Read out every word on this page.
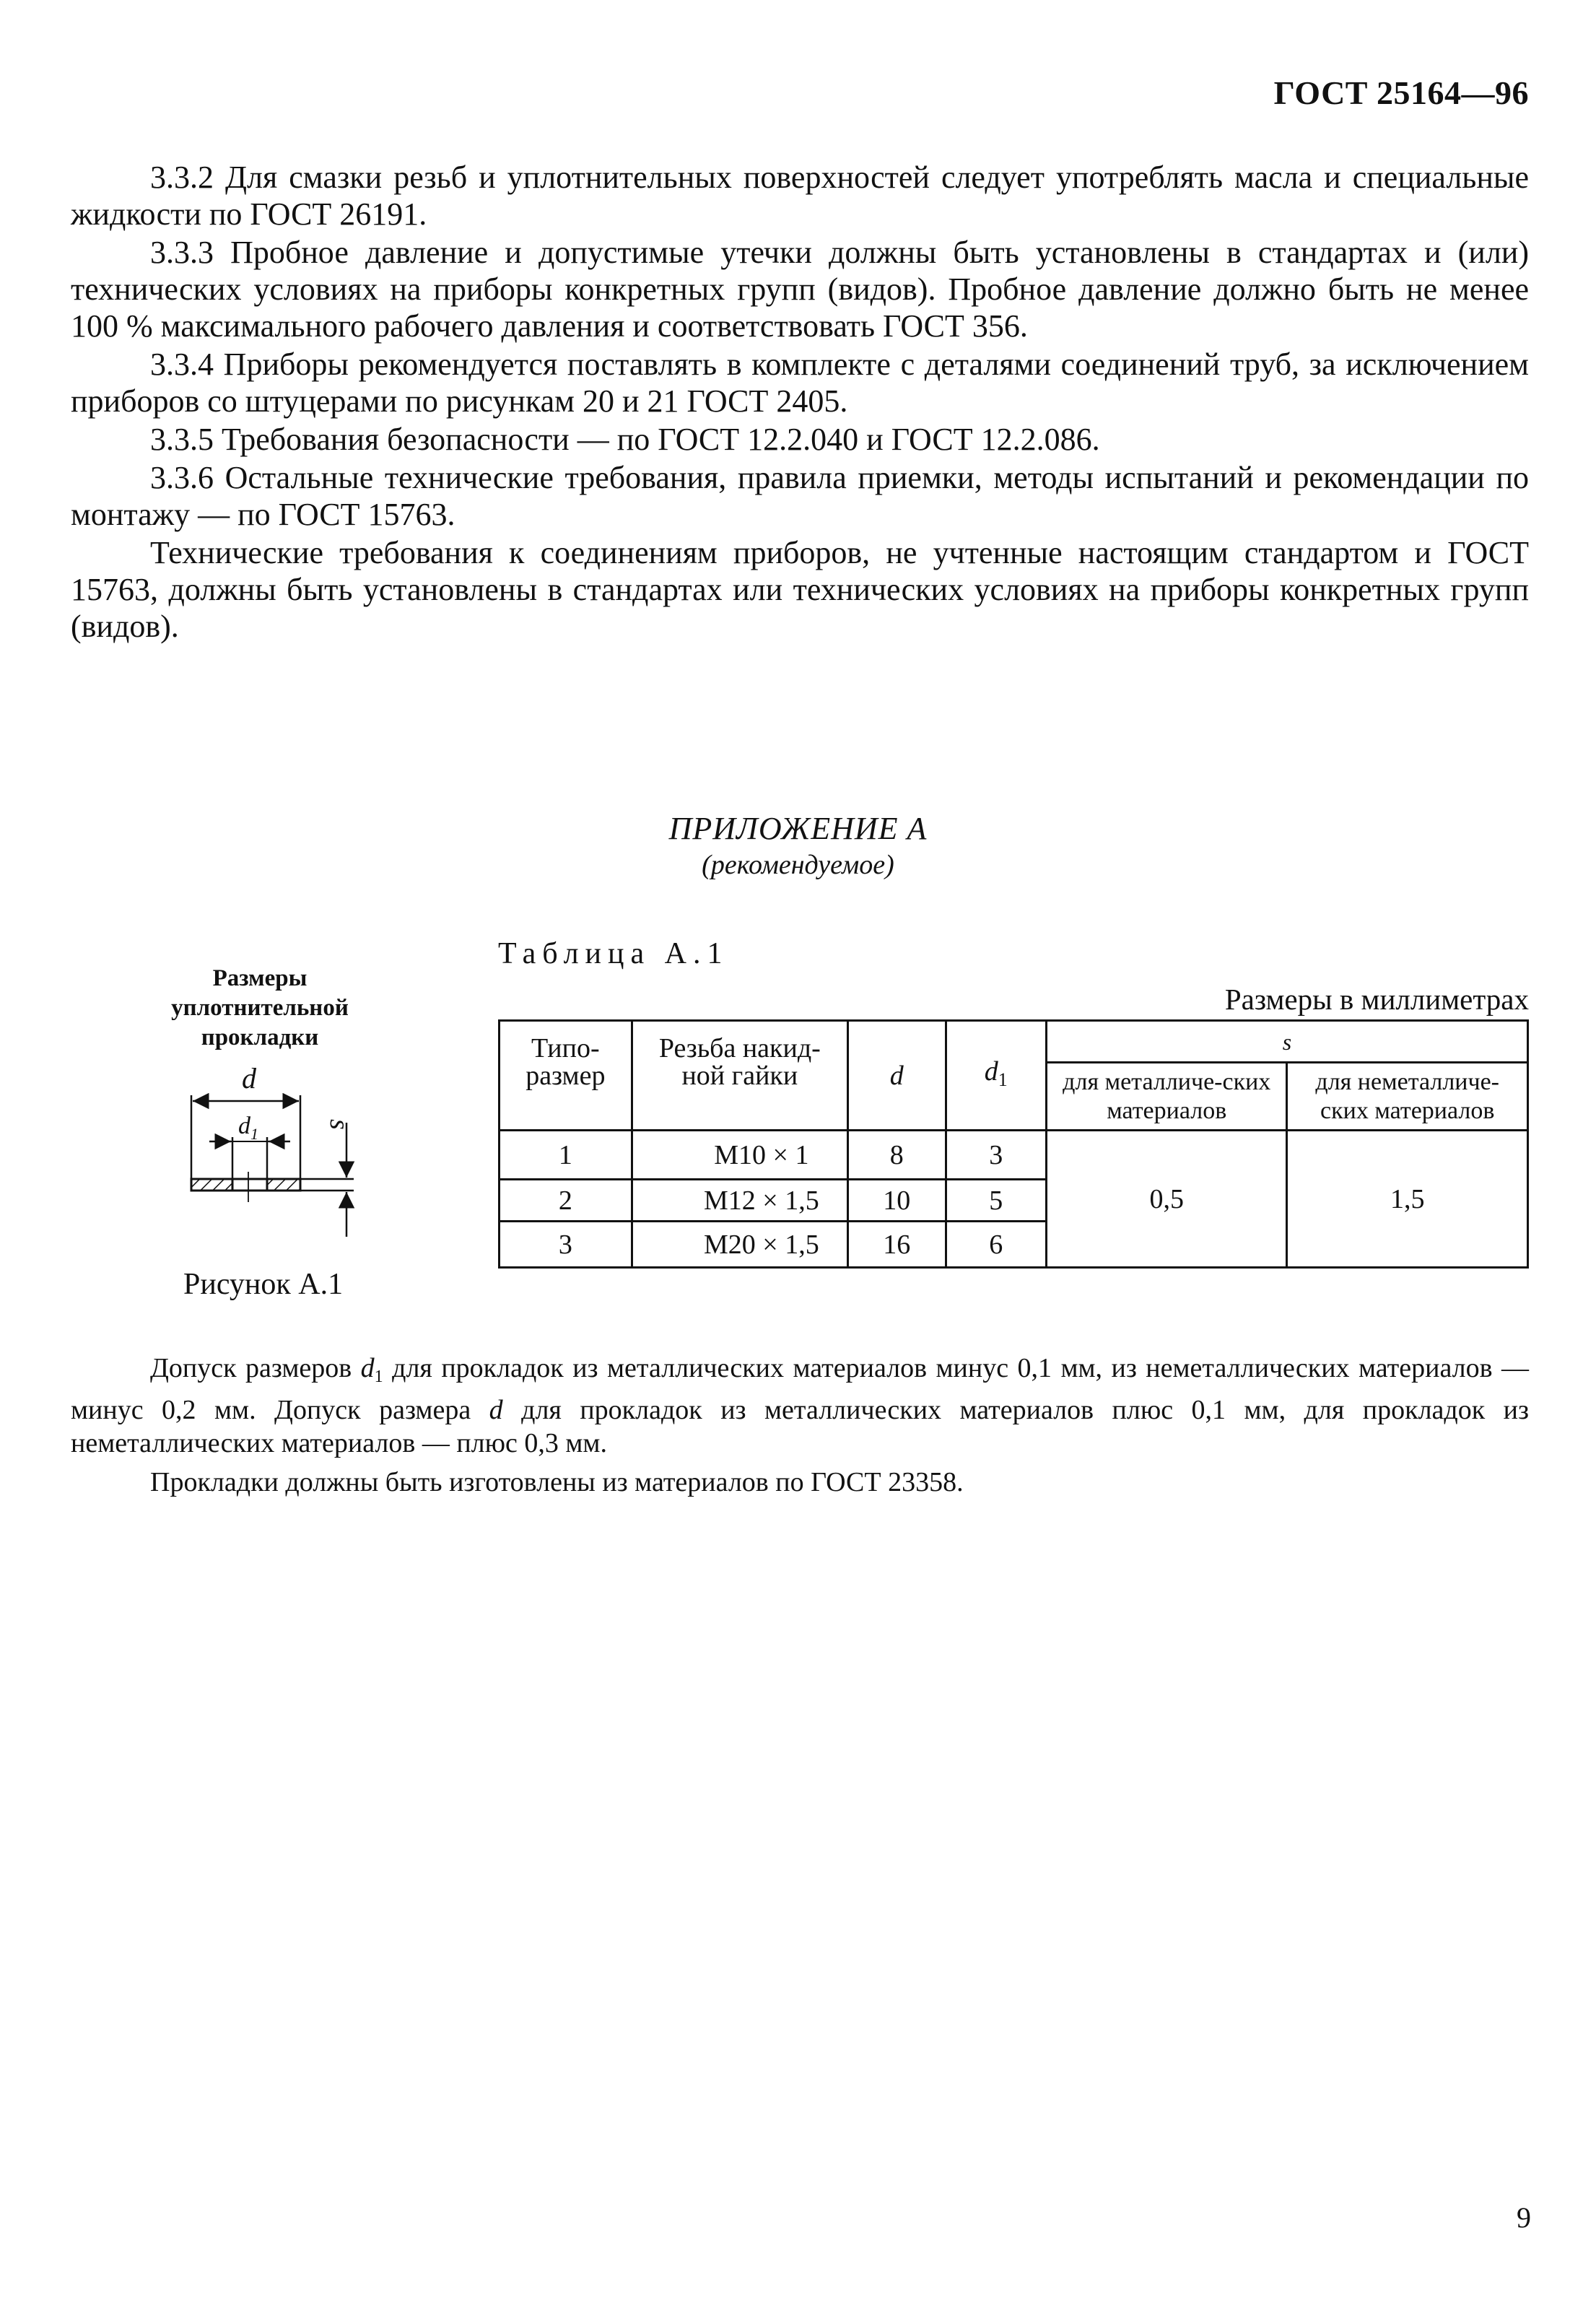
ГОСТ 25164—96

3.3.2 Для смазки резьб и уплотнительных поверхностей следует употреблять масла и специальные жидкости по ГОСТ 26191.

3.3.3 Пробное давление и допустимые утечки должны быть установлены в стандартах и (или) технических условиях на приборы конкретных групп (видов). Пробное давление должно быть не менее 100 % максимального рабочего давления и соответствовать ГОСТ 356.

3.3.4 Приборы рекомендуется поставлять в комплекте с деталями соединений труб, за исключением приборов со штуцерами по рисункам 20 и 21 ГОСТ 2405.

3.3.5 Требования безопасности — по ГОСТ 12.2.040 и ГОСТ 12.2.086.

3.3.6 Остальные технические требования, правила приемки, методы испытаний и рекомендации по монтажу — по ГОСТ 15763.

Технические требования к соединениям приборов, не учтенные настоящим стандартом и ГОСТ 15763, должны быть установлены в стандартах или технических условиях на приборы конкретных групп (видов).

ПРИЛОЖЕНИЕ А
(рекомендуемое)
Размеры уплотнительной прокладки
d
$d_1$
s
Рисунок А.1
Таблица А.1
Размеры в миллиметрах
Типо-размер	Резьба накид-ной гайки	d	$d_1$	s	
				для металличе-ских материалов	для неметалличе-ских материалов
1	М10 × 1	8	3	0,5	1,5
2	М12 × 1,5	10	5		
3	М20 × 1,5	16	6		

Допуск размеров $d_1$ для прокладок из металлических материалов минус 0,1 мм, из неметаллических материалов — минус 0,2 мм. Допуск размера d для прокладок из металлических материалов плюс 0,1 мм, для прокладок из неметаллических материалов — плюс 0,3 мм.

Прокладки должны быть изготовлены из материалов по ГОСТ 23358.

9
